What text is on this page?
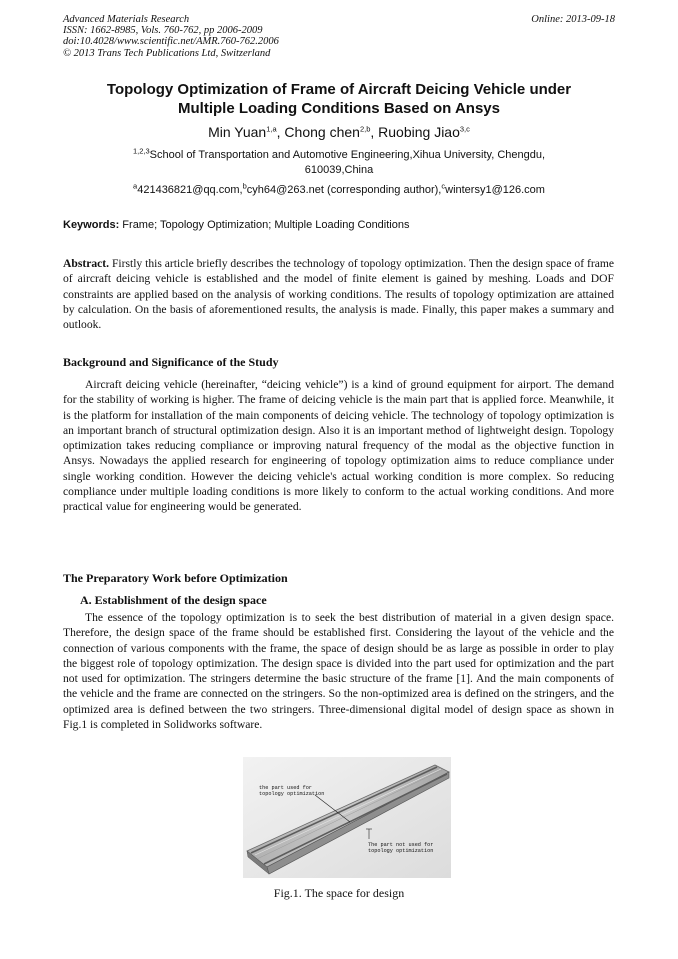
Advanced Materials Research
ISSN: 1662-8985, Vols. 760-762, pp 2006-2009
doi:10.4028/www.scientific.net/AMR.760-762.2006
© 2013 Trans Tech Publications Ltd, Switzerland
Online: 2013-09-18
Topology Optimization of Frame of Aircraft Deicing Vehicle under
Multiple Loading Conditions Based on Ansys
Min Yuan$^{1,a}$, Chong chen$^{2,b}$, Ruobing Jiao$^{3,c}$
$^{1,2,3}$School of Transportation and Automotive Engineering,Xihua University, Chengdu,
610039,China
$^a$421436821@qq.com,$^b$cyh64@263.net (corresponding author),$^c$wintersy1@126.com
Keywords: Frame; Topology Optimization; Multiple Loading Conditions
Abstract. Firstly this article briefly describes the technology of topology optimization. Then the design space of frame of aircraft deicing vehicle is established and the model of finite element is gained by meshing. Loads and DOF constraints are applied based on the analysis of working conditions. The results of topology optimization are attained by calculation. On the basis of aforementioned results, the analysis is made. Finally, this paper makes a summary and outlook.
Background and Significance of the Study
Aircraft deicing vehicle (hereinafter, “deicing vehicle”) is a kind of ground equipment for airport. The demand for the stability of working is higher. The frame of deicing vehicle is the main part that is applied force. Meanwhile, it is the platform for installation of the main components of deicing vehicle. The technology of topology optimization is an important branch of structural optimization design. Also it is an important method of lightweight design. Topology optimization takes reducing compliance or improving natural frequency of the modal as the objective function in Ansys. Nowadays the applied research for engineering of topology optimization aims to reduce compliance under single working condition. However the deicing vehicle's actual working condition is more complex. So reducing compliance under multiple loading conditions is more likely to conform to the actual working conditions. And more practical value for engineering would be generated.
The Preparatory Work before Optimization
A. Establishment of the design space
The essence of the topology optimization is to seek the best distribution of material in a given design space. Therefore, the design space of the frame should be established first. Considering the layout of the vehicle and the connection of various components with the frame, the space of design should be as large as possible in order to play the biggest role of topology optimization. The design space is divided into the part used for optimization and the part not used for optimization. The stringers determine the basic structure of the frame [1]. And the main components of the vehicle and the frame are connected on the stringers. So the non-optimized area is defined on the stringers, and the optimized area is defined between the two stringers. Three-dimensional digital model of design space as shown in Fig.1 is completed in Solidworks software.
the part used for
topology optimization
The part not used for
topology optimization
Fig.1. The space for design
